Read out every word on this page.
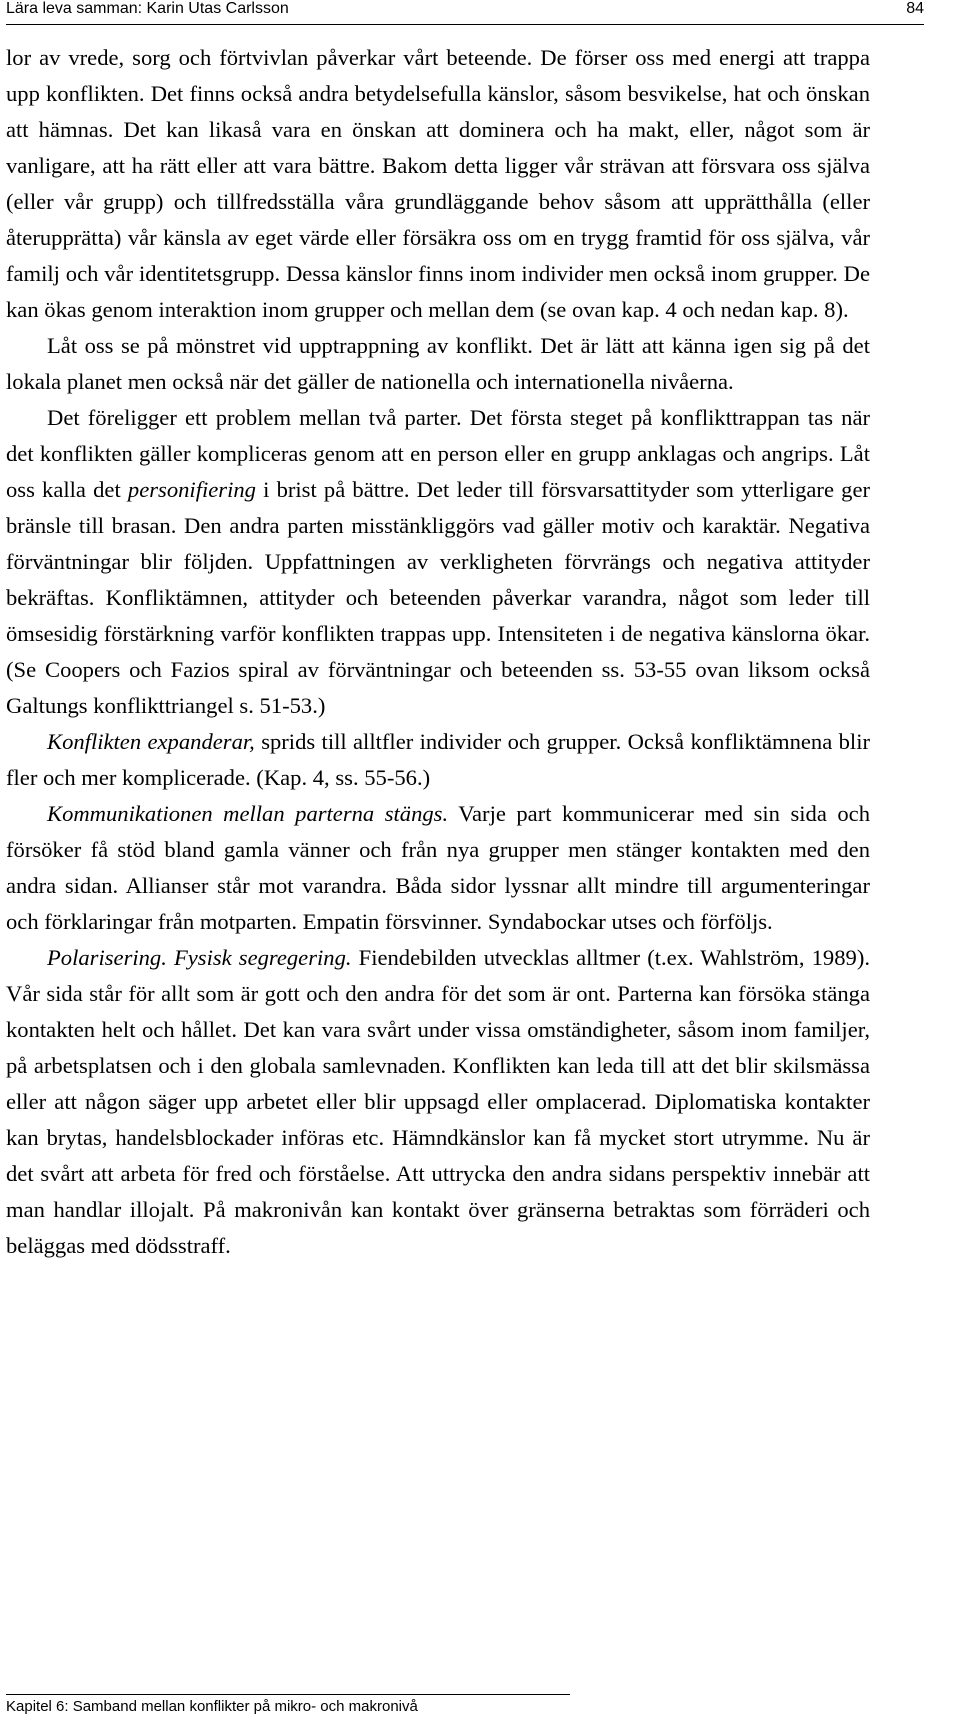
Lära leva samman: Karin Utas Carlsson	84

lor av vrede, sorg och förtvivlan påverkar vårt beteende. De förser oss med energi att trappa upp konflikten. Det finns också andra betydelsefulla känslor, såsom besvikelse, hat och önskan att hämnas. Det kan likaså vara en önskan att dominera och ha makt, eller, något som är vanligare, att ha rätt eller att vara bättre. Bakom detta ligger vår strävan att försvara oss själva (eller vår grupp) och tillfredsställa våra grundläggande behov såsom att upprätthålla (eller återupprätta) vår känsla av eget värde eller försäkra oss om en trygg framtid för oss själva, vår familj och vår identitetsgrupp. Dessa känslor finns inom individer men också inom grupper. De kan ökas genom interaktion inom grupper och mellan dem (se ovan kap. 4 och nedan kap. 8).

Låt oss se på mönstret vid upptrappning av konflikt. Det är lätt att känna igen sig på det lokala planet men också när det gäller de nationella och internationella nivåerna.

Det föreligger ett problem mellan två parter. Det första steget på konflikttrappan tas när det konflikten gäller kompliceras genom att en person eller en grupp anklagas och angrips. Låt oss kalla det personifiering i brist på bättre. Det leder till försvarsattityder som ytterligare ger bränsle till brasan. Den andra parten misstänkliggörs vad gäller motiv och karaktär. Negativa förväntningar blir följden. Uppfattningen av verkligheten förvrängs och negativa attityder bekräftas. Konfliktämnen, attityder och beteenden påverkar varandra, något som leder till ömsesidig förstärkning varför konflikten trappas upp. Intensiteten i de negativa känslorna ökar. (Se Coopers och Fazios spiral av förväntningar och beteenden ss. 53-55 ovan liksom också Galtungs konflikttriangel s. 51-53.)

Konflikten expanderar, sprids till alltfler individer och grupper. Också konfliktämnena blir fler och mer komplicerade. (Kap. 4, ss. 55-56.)

Kommunikationen mellan parterna stängs. Varje part kommunicerar med sin sida och försöker få stöd bland gamla vänner och från nya grupper men stänger kontakten med den andra sidan. Allianser står mot varandra. Båda sidor lyssnar allt mindre till argumenteringar och förklaringar från motparten. Empatin försvinner. Syndabockar utses och förföljs.

Polarisering. Fysisk segregering. Fiendebilden utvecklas alltmer (t.ex. Wahlström, 1989). Vår sida står för allt som är gott och den andra för det som är ont. Parterna kan försöka stänga kontakten helt och hållet. Det kan vara svårt under vissa omständigheter, såsom inom familjer, på arbetsplatsen och i den globala samlevnaden. Konflikten kan leda till att det blir skilsmässa eller att någon säger upp arbetet eller blir uppsagd eller omplacerad. Diplomatiska kontakter kan brytas, handelsblockader införas etc. Hämndkänslor kan få mycket stort utrymme. Nu är det svårt att arbeta för fred och förståelse. Att uttrycka den andra sidans perspektiv innebär att man handlar illojalt. På makronivån kan kontakt över gränserna betraktas som förräderi och beläggas med dödsstraff.

Kapitel 6: Samband mellan konflikter på mikro- och makronivå
